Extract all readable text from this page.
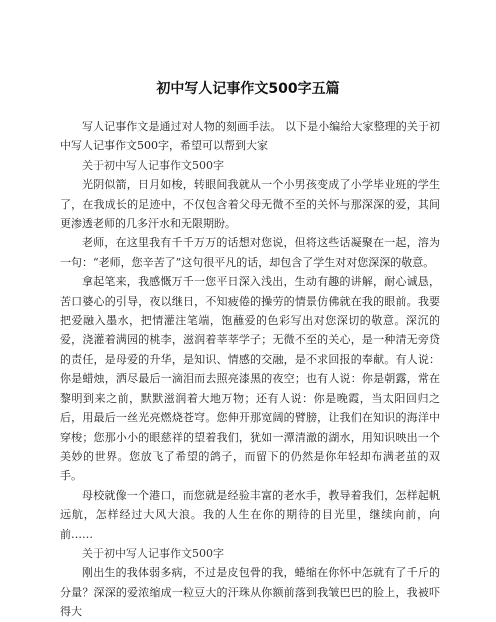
初中写人记事作文500字五篇

写人记事作文是通过对人物的刻画手法。 以下是小编给大家整理的关于初中写人记事作文500字，希望可以帮到大家

关于初中写人记事作文500字

光阴似箭，日月如梭，转眼间我就从一个小男孩变成了小学毕业班的学生了，在我成长的足迹中，不仅包含着父母无微不至的关怀与那深深的爱，其间更渗透老师的几多汗水和无限期盼。

老师，在这里我有千千万万的话想对您说，但将这些话凝聚在一起，溶为一句：“老师，您辛苦了”这句很平凡的话，却包含了学生对对您深深的敬意。

拿起笔来，我感慨万千一您平日深入浅出，生动有趣的讲解，耐心诚恳，苦口婆心的引导，夜以继日，不知疲倦的操劳的情景仿佛就在我的眼前。我要把爱融入墨水，把情灌注笔端，饱蘸爱的色彩写出对您深切的敬意。深沉的爱，浇灌着满园的桃李，滋润着莘莘学子；无微不至的关心，是一种清无旁贷的责任，是母爱的升华，是知识、情感的交融，是不求回报的奉献。有人说：你是蜡烛，洒尽最后一滴泪而去照亮漆黑的夜空；也有人说：你是朝露，常在黎明到来之前，默默滋润着大地万物；还有人说：你是晚霞，当太阳回归之后，用最后一丝光亮燃烧苍穹。您伸开那宽阔的臂膀，让我们在知识的海洋中穿梭；您那小小的眼慈祥的望着我们，犹如一潭清澈的湖水，用知识映出一个美妙的世界。您放飞了希望的鸽子，而留下的仍然是你年轻却布满老茧的双手。

母校就像一个港口，而您就是经验丰富的老水手，教导着我们，怎样起帆远航，怎样经过大风大浪。我的人生在你的期待的目光里，继续向前，向前……

关于初中写人记事作文500字

刚出生的我体弱多病，不过是皮包骨的我，蜷缩在你怀中怎就有了千斤的分量？深深的爱浓缩成一粒豆大的汗珠从你额前落到我皱巴巴的脸上，我被吓得大
